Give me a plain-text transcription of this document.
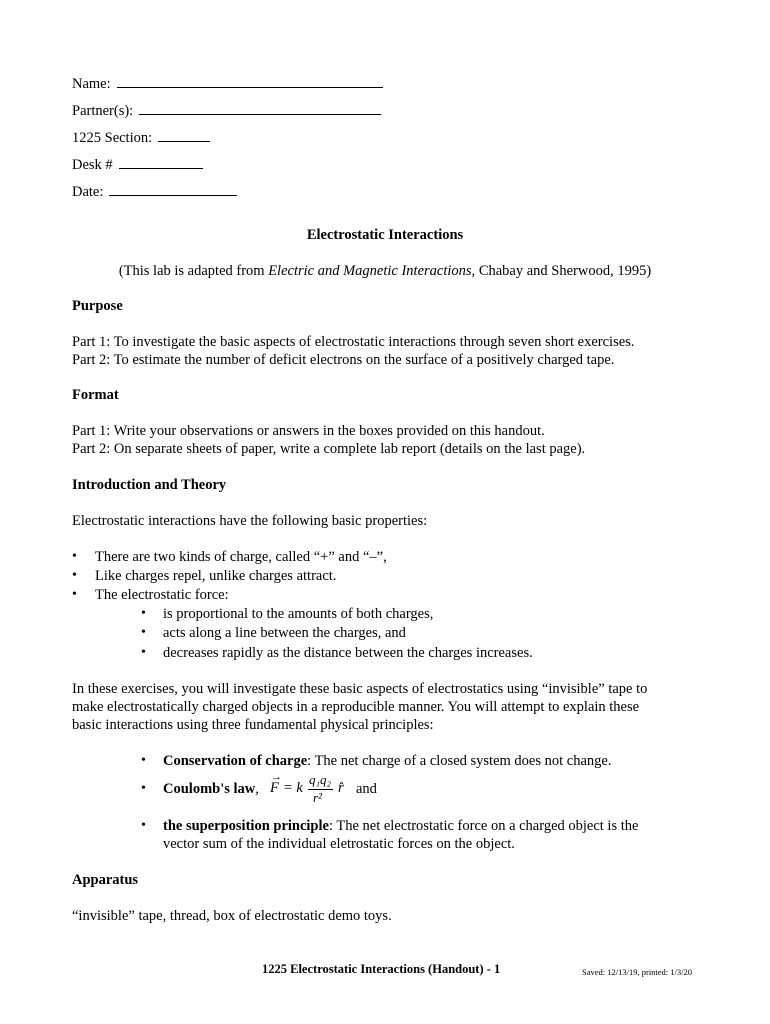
Name:
Partner(s):
1225 Section:
Desk #
Date:
Electrostatic Interactions
(This lab is adapted from Electric and Magnetic Interactions, Chabay and Sherwood, 1995)
Purpose
Part 1: To investigate the basic aspects of electrostatic interactions through seven short exercises.
Part 2: To estimate the number of deficit electrons on the surface of a positively charged tape.
Format
Part 1: Write your observations or answers in the boxes provided on this handout.
Part 2: On separate sheets of paper, write a complete lab report (details on the last page).
Introduction and Theory
Electrostatic interactions have the following basic properties:
• There are two kinds of charge, called “+” and “–”,
• Like charges repel, unlike charges attract.
• The electrostatic force:
• is proportional to the amounts of both charges,
• acts along a line between the charges, and
• decreases rapidly as the distance between the charges increases.
In these exercises, you will investigate these basic aspects of electrostatics using “invisible” tape to
make electrostatically charged objects in a reproducible manner. You will attempt to explain these
basic interactions using three fundamental physical principles:
• Conservation of charge: The net charge of a closed system does not change.
• Coulomb's law,
→
F = k
q₁q₂
r²
r̂ and
• the superposition principle: The net electrostatic force on a charged object is the
vector sum of the individual eletrostatic forces on the object.
Apparatus
“invisible” tape, thread, box of electrostatic demo toys.
1225 Electrostatic Interactions (Handout) - 1	Saved: 12/13/19, printed: 1/3/20
